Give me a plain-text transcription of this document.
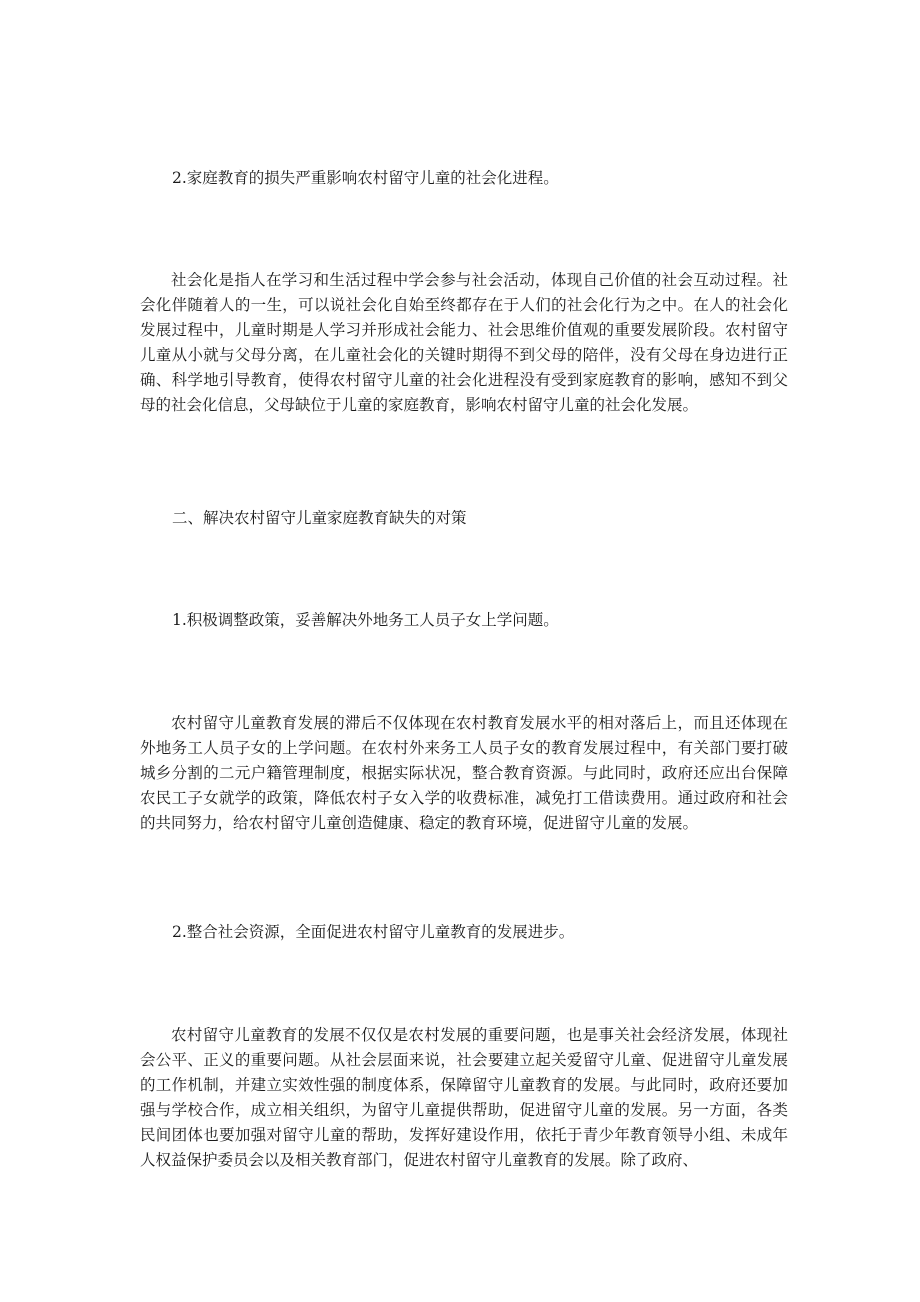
2.家庭教育的损失严重影响农村留守儿童的社会化进程。

社会化是指人在学习和生活过程中学会参与社会活动，体现自己价值的社会互动过程。社会化伴随着人的一生，可以说社会化自始至终都存在于人们的社会化行为之中。在人的社会化发展过程中，儿童时期是人学习并形成社会能力、社会思维价值观的重要发展阶段。农村留守儿童从小就与父母分离，在儿童社会化的关键时期得不到父母的陪伴，没有父母在身边进行正确、科学地引导教育，使得农村留守儿童的社会化进程没有受到家庭教育的影响，感知不到父母的社会化信息，父母缺位于儿童的家庭教育，影响农村留守儿童的社会化发展。

二、解决农村留守儿童家庭教育缺失的对策

1.积极调整政策，妥善解决外地务工人员子女上学问题。

农村留守儿童教育发展的滞后不仅体现在农村教育发展水平的相对落后上，而且还体现在外地务工人员子女的上学问题。在农村外来务工人员子女的教育发展过程中，有关部门要打破城乡分割的二元户籍管理制度，根据实际状况，整合教育资源。与此同时，政府还应出台保障农民工子女就学的政策，降低农村子女入学的收费标准，减免打工借读费用。通过政府和社会的共同努力，给农村留守儿童创造健康、稳定的教育环境，促进留守儿童的发展。

2.整合社会资源，全面促进农村留守儿童教育的发展进步。

农村留守儿童教育的发展不仅仅是农村发展的重要问题，也是事关社会经济发展，体现社会公平、正义的重要问题。从社会层面来说，社会要建立起关爱留守儿童、促进留守儿童发展的工作机制，并建立实效性强的制度体系，保障留守儿童教育的发展。与此同时，政府还要加强与学校合作，成立相关组织，为留守儿童提供帮助，促进留守儿童的发展。另一方面，各类民间团体也要加强对留守儿童的帮助，发挥好建设作用，依托于青少年教育领导小组、未成年人权益保护委员会以及相关教育部门，促进农村留守儿童教育的发展。除了政府、
